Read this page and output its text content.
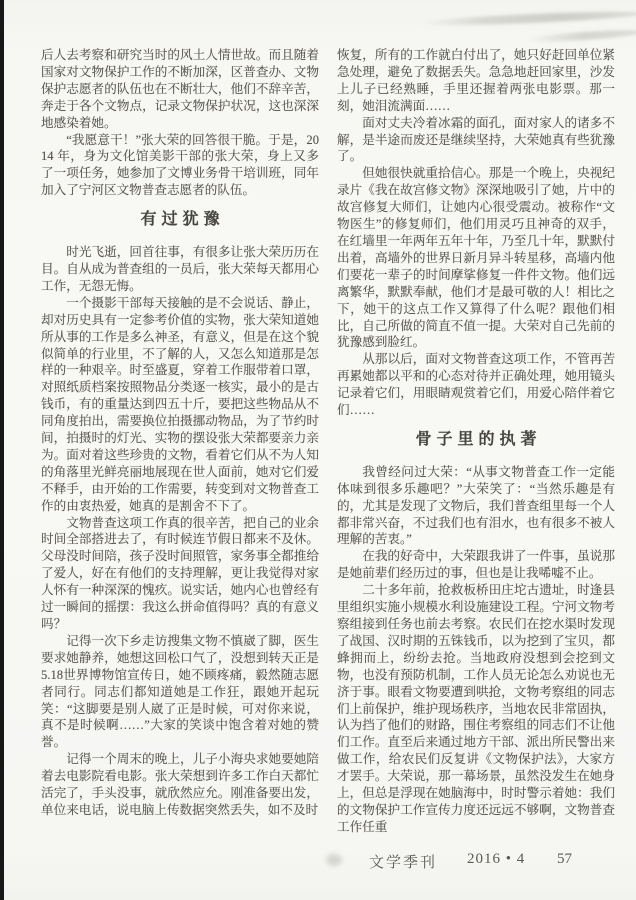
后人去考察和研究当时的风土人情世故。而且随着国家对文物保护工作的不断加深，区普查办、文物保护志愿者的队伍也在不断壮大，他们不辞辛苦，奔走于各个文物点，记录文物保护状况，这也深深地感染着她。

“我愿意干！”张大荣的回答很干脆。于是，2014 年，身为文化馆美影干部的张大荣，身上又多了一项任务，她参加了文博业务骨干培训班，同年加入了宁河区文物普查志愿者的队伍。

有过犹豫

时光飞逝，回首往事，有很多让张大荣历历在目。自从成为普查组的一员后，张大荣每天都用心工作，无怨无悔。

一个摄影干部每天接触的是不会说话、静止，却对历史具有一定参考价值的实物，张大荣知道她所从事的工作是多么神圣，有意义，但是在这个貌似简单的行业里，不了解的人，又怎么知道那是怎样的一种艰辛。时至盛夏，穿着工作服带着口罩，对照纸质档案按照物品分类逐一核实，最小的是古钱币，有的重量达到四五十斤，要把这些物品从不同角度拍出，需要换位拍摄挪动物品，为了节约时间，拍摄时的灯光、实物的摆设张大荣都要亲力亲为。面对着这些珍贵的文物，看着它们从不为人知的角落里光鲜亮丽地展现在世人面前，她对它们爱不释手，由开始的工作需要，转变到对文物普查工作的由衷热爱，她真的是割舍不下了。

文物普查这项工作真的很辛苦，把自己的业余时间全部搭进去了，有时候连节假日都来不及休。父母没时间陪，孩子没时间照管，家务事全都推给了爱人，好在有他们的支持理解，更让我觉得对家人怀有一种深深的愧疚。说实话，她内心也曾经有过一瞬间的摇摆：我这么拼命值得吗？真的有意义吗？

记得一次下乡走访搜集文物不慎崴了脚，医生要求她静养，她想这回松口气了，没想到转天正是5.18世界博物馆宣传日，她不顾疼痛，毅然随志愿者同行。同志们都知道她是工作狂，跟她开起玩笑：“这脚要是别人崴了正是时候，可对你来说，真不是时候啊……”大家的笑谈中饱含着对她的赞誉。

记得一个周末的晚上，儿子小海央求她要她陪着去电影院看电影。张大荣想到许多工作白天都忙活完了，手头没事，就欣然应允。刚准备要出发，单位来电话，说电脑上传数据突然丢失，如不及时

恢复，所有的工作就白付出了，她只好赶回单位紧急处理，避免了数据丢失。急急地赶回家里，沙发上儿子已经熟睡，手里还握着两张电影票。那一刻，她泪流满面……

面对丈夫冷着冰霜的面孔，面对家人的诸多不解，是半途而废还是继续坚持，大荣她真有些犹豫了。

但她很快就重拾信心。那是一个晚上，央视纪录片《我在故宫修文物》深深地吸引了她，片中的故宫修复大师们，让她内心很受震动。被称作“文物医生”的修复师们，他们用灵巧且神奇的双手，在红墙里一年两年五年十年，乃至几十年，默默付出着，高墙外的世界日新月异斗转星移，高墙内他们要花一辈子的时间摩挲修复一件件文物。他们远离繁华，默默奉献，他们才是最可敬的人！相比之下，她干的这点工作又算得了什么呢？跟他们相比，自己所做的简直不值一提。大荣对自己先前的犹豫感到脸红。

从那以后，面对文物普查这项工作，不管再苦再累她都以平和的心态对待并正确处理，她用镜头记录着它们，用眼睛观赏着它们，用爱心陪伴着它们……

骨子里的执著

我曾经问过大荣：“从事文物普查工作一定能体味到很多乐趣吧？”大荣笑了：“当然乐趣是有的，尤其是发现了文物后，我们普查组里每一个人都非常兴奋，不过我们也有泪水，也有很多不被人理解的苦衷。”

在我的好奇中，大荣跟我讲了一件事，虽说那是她前辈们经历过的事，但也是让我唏嘘不止。

二十多年前，抢救板桥田庄坨古遗址，时逢县里组织实施小规模水利设施建设工程。宁河文物考察组接到任务也前去考察。农民们在挖水渠时发现了战国、汉时期的五铢钱币，以为挖到了宝贝，都蜂拥而上，纷纷去抢。当地政府没想到会挖到文物，也没有预防机制，工作人员无论怎么劝说也无济于事。眼看文物要遭到哄抢，文物考察组的同志们上前保护，维护现场秩序，当地农民非常固执，认为挡了他们的财路，围住考察组的同志们不让他们工作。直至后来通过地方干部、派出所民警出来做工作，给农民们反复讲《文物保护法》，大家方才罢手。大荣说，那一幕场景，虽然没发生在她身上，但总是浮现在她脑海中，时时警示着她：我们的文物保护工作宣传力度还远远不够啊，文物普查工作任重

文学季刊 2016 • 4 57
